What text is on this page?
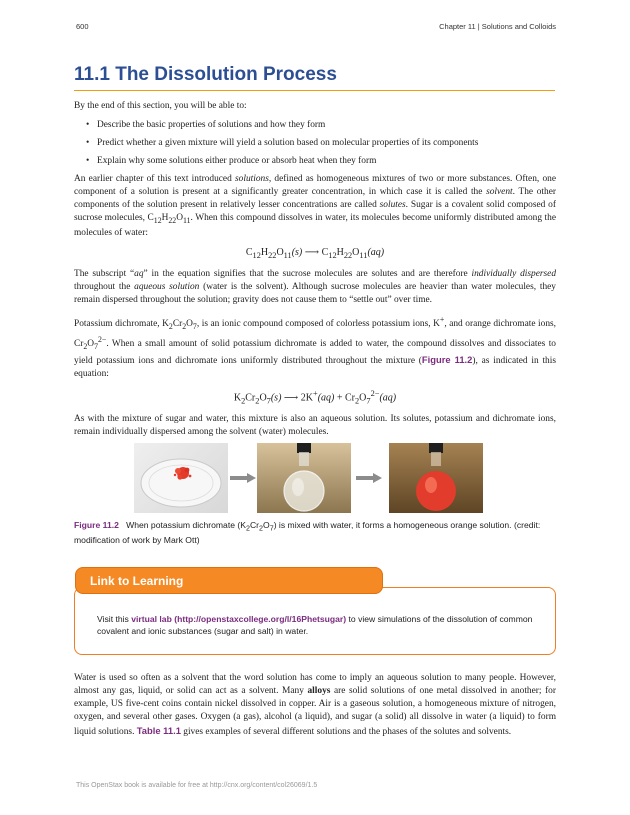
600	Chapter 11 | Solutions and Colloids
11.1 The Dissolution Process

By the end of this section, you will be able to:

• Describe the basic properties of solutions and how they form
• Predict whether a given mixture will yield a solution based on molecular properties of its components
• Explain why some solutions either produce or absorb heat when they form

An earlier chapter of this text introduced solutions, defined as homogeneous mixtures of two or more substances. Often, one component of a solution is present at a significantly greater concentration, in which case it is called the solvent. The other components of the solution present in relatively lesser concentrations are called solutes. Sugar is a covalent solid composed of sucrose molecules, $C_{12}H_{22}O_{11}$. When this compound dissolves in water, its molecules become uniformly distributed among the molecules of water:

$C_{12}H_{22}O_{11}(s)$ ⟶ $C_{12}H_{22}O_{11}(aq)$

The subscript “aq” in the equation signifies that the sucrose molecules are solutes and are therefore individually dispersed throughout the aqueous solution (water is the solvent). Although sucrose molecules are heavier than water molecules, they remain dispersed throughout the solution; gravity does not cause them to “settle out” over time.

Potassium dichromate, $K_2Cr_2O_7$, is an ionic compound composed of colorless potassium ions, K+, and orange dichromate ions, $Cr_2O_7^{2-}$. When a small amount of solid potassium dichromate is added to water, the compound dissolves and dissociates to yield potassium ions and dichromate ions uniformly distributed throughout the mixture (Figure 11.2), as indicated in this equation:

$K_2Cr_2O_7(s)$ ⟶ $2K^+(aq) + Cr_2O_7^{2-}(aq)$

As with the mixture of sugar and water, this mixture is also an aqueous solution. Its solutes, potassium and dichromate ions, remain individually dispersed among the solvent (water) molecules.

Figure 11.2 When potassium dichromate $(K_2Cr_2O_7)$ is mixed with water, it forms a homogeneous orange solution. (credit: modification of work by Mark Ott)
Link to Learning
Visit this virtual lab (http://openstaxcollege.org/l/16Phetsugar) to view simulations of the dissolution of common covalent and ionic substances (sugar and salt) in water.

Water is used so often as a solvent that the word solution has come to imply an aqueous solution to many people. However, almost any gas, liquid, or solid can act as a solvent. Many alloys are solid solutions of one metal dissolved in another; for example, US five-cent coins contain nickel dissolved in copper. Air is a gaseous solution, a homogeneous mixture of nitrogen, oxygen, and several other gases. Oxygen (a gas), alcohol (a liquid), and sugar (a solid) all dissolve in water (a liquid) to form liquid solutions. Table 11.1 gives examples of several different solutions and the phases of the solutes and solvents.

This OpenStax book is available for free at http://cnx.org/content/col26069/1.5
